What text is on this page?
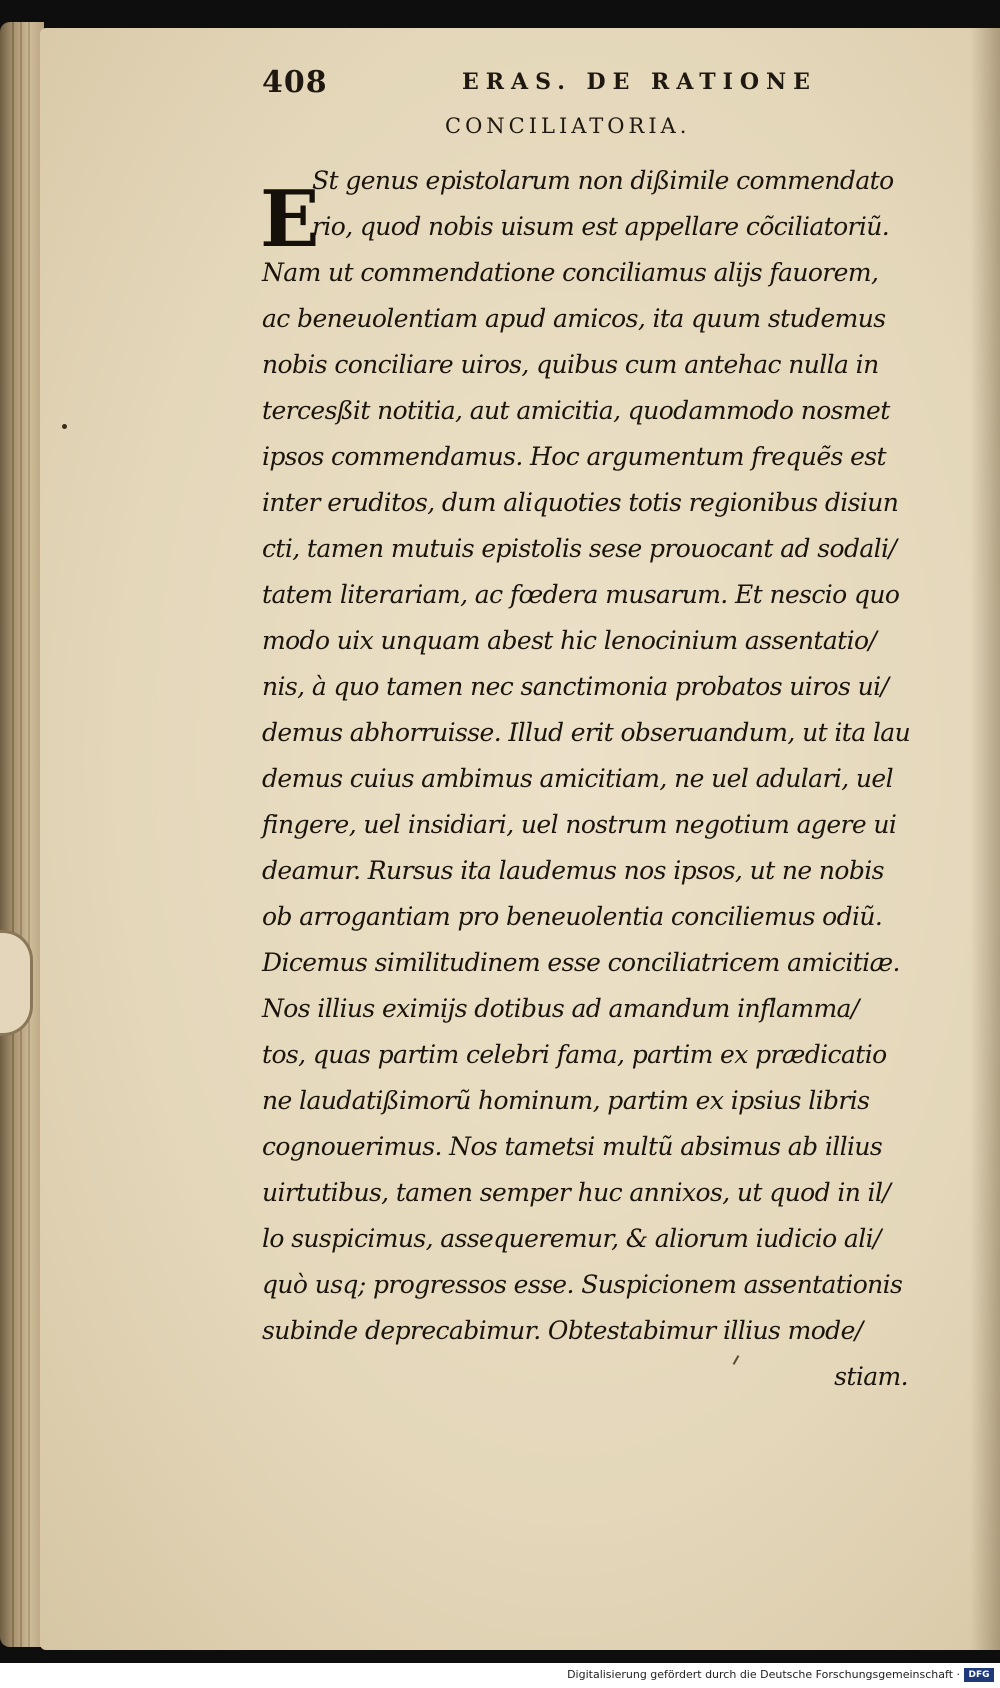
408	ERAS. DE RATIONE
CONCILIATORIA.
E
St genus epistolarum non dißimile commendato
rio, quod nobis uisum est appellare cõciliatoriũ.
Nam ut commendatione conciliamus alijs fauorem,
ac beneuolentiam apud amicos, ita quum studemus
nobis conciliare uiros, quibus cum antehac nulla in
tercesßit notitia, aut amicitia, quodammodo nosmet
ipsos commendamus. Hoc argumentum frequẽs est
inter eruditos, dum aliquoties totis regionibus disiun
cti, tamen mutuis epistolis sese prouocant ad sodali/
tatem literariam, ac fœdera musarum. Et nescio quo
modo uix unquam abest hic lenocinium assentatio/
nis, à quo tamen nec sanctimonia probatos uiros ui/
demus abhorruisse. Illud erit obseruandum, ut ita lau
demus cuius ambimus amicitiam, ne uel adulari, uel
fingere, uel insidiari, uel nostrum negotium agere ui
deamur. Rursus ita laudemus nos ipsos, ut ne nobis
ob arrogantiam pro beneuolentia conciliemus odiũ.
Dicemus similitudinem esse conciliatricem amicitiæ.
Nos illius eximijs dotibus ad amandum inflamma/
tos, quas partim celebri fama, partim ex prædicatio
ne laudatißimorũ hominum, partim ex ipsius libris
cognouerimus. Nos tametsi multũ absimus ab illius
uirtutibus, tamen semper huc annixos, ut quod in il/
lo suspicimus, assequeremur, & aliorum iudicio ali/
quò usq; progressos esse. Suspicionem assentationis
subinde deprecabimur. Obtestabimur illius mode/
stiam.
Digitalisierung gefördert durch die Deutsche Forschungsgemeinschaft · DFG
